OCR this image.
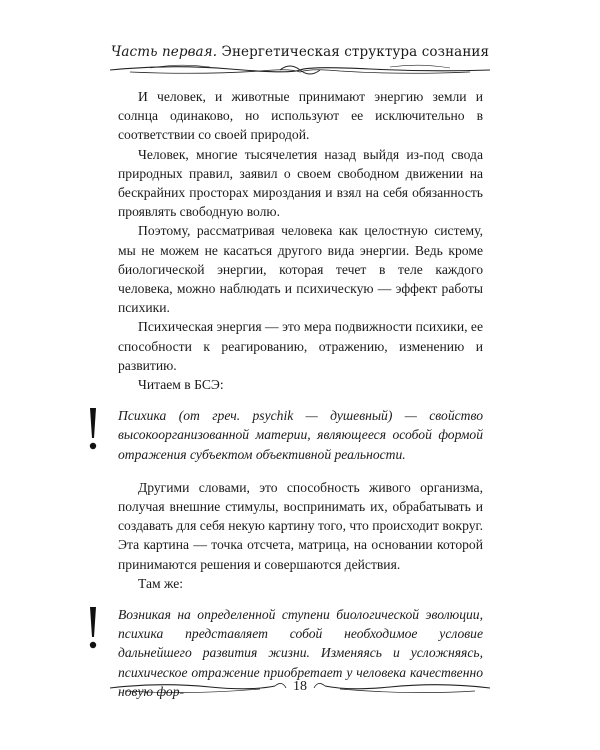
Часть первая. Энергетическая структура сознания

И человек, и животные принимают энергию земли и солнца одинаково, но используют ее исключительно в соответствии со своей природой.

Человек, многие тысячелетия назад выйдя из-под свода природных правил, заявил о своем свободном движении на бескрайних просторах мироздания и взял на себя обязанность проявлять свободную волю.

Поэтому, рассматривая человека как целостную систему, мы не можем не касаться другого вида энергии. Ведь кроме биологической энергии, которая течет в теле каждого человека, можно наблюдать и психическую — эффект работы психики.

Психическая энергия — это мера подвижности психики, ее способности к реагированию, отражению, изменению и развитию.

Читаем в БСЭ:

Психика (от греч. psychik — душевный) — свойство высокоорганизованной материи, являющееся особой формой отражения субъектом объективной реальности.

Другими словами, это способность живого организма, получая внешние стимулы, воспринимать их, обрабатывать и создавать для себя некую картину того, что происходит вокруг. Эта картина — точка отсчета, матрица, на основании которой принимаются решения и совершаются действия.

Там же:

Возникая на определенной ступени биологической эволюции, психика представляет собой необходимое условие дальнейшего развития жизни. Изменяясь и усложняясь, психическое отражение приобретает у человека качественно новую фор-	18
